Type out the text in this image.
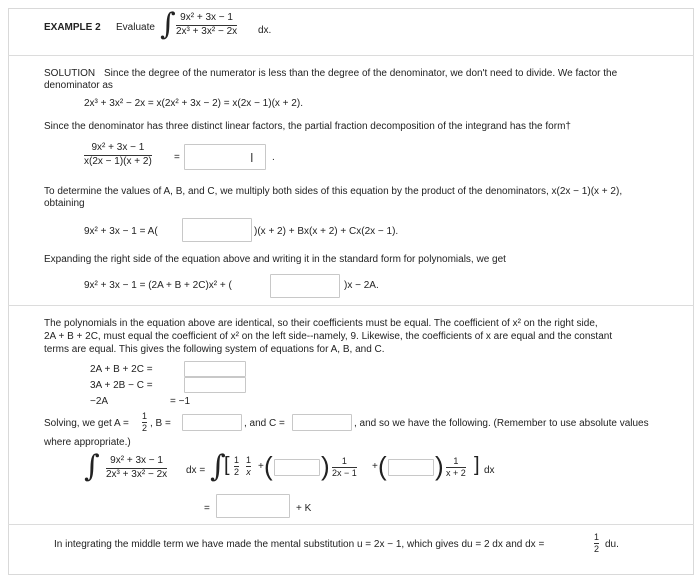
EXAMPLE 2 Evaluate ∫ 9x² + 3x − 1
2x³ + 3x² − 2x dx.
SOLUTION Since the degree of the numerator is less than the degree of the denominator, we don't need to divide. We factor the
denominator as
2x³ + 3x² − 2x = x(2x² + 3x − 2) = x(2x − 1)(x + 2).
Since the denominator has three distinct linear factors, the partial fraction decomposition of the integrand has the form†
9x² + 3x − 1
x(2x − 1)(x + 2) =	Ι .
To determine the values of A, B, and C, we multiply both sides of this equation by the product of the denominators, x(2x − 1)(x + 2),
obtaining
9x² + 3x − 1 = A(	)(x + 2) + Bx(x + 2) + Cx(2x − 1).
Expanding the right side of the equation above and writing it in the standard form for polynomials, we get
9x² + 3x − 1 = (2A + B + 2C)x² + (	)x − 2A.
The polynomials in the equation above are identical, so their coefficients must be equal. The coefficient of x² on the right side,
2A + B + 2C, must equal the coefficient of x² on the left side--namely, 9. Likewise, the coefficients of x are equal and the constant
terms are equal. This gives the following system of equations for A, B, and C.
2A + B + 2C =
3A + 2B − C =
−2A	= −1
Solving, we get A =
1
2 , B =	, and C =	, and so we have the following. (Remember to use absolute values
where appropriate.)
∫ 9x² + 3x − 1
2x³ + 3x² − 2x dx = ∫
[ 1
2
1
x
+ ( ) 1
2x − 1
+ ( ) 1
x + 2 ] dx
=	+ K
In integrating the middle term we have made the mental substitution u = 2x − 1, which gives du = 2 dx and dx =
1
2 du.
